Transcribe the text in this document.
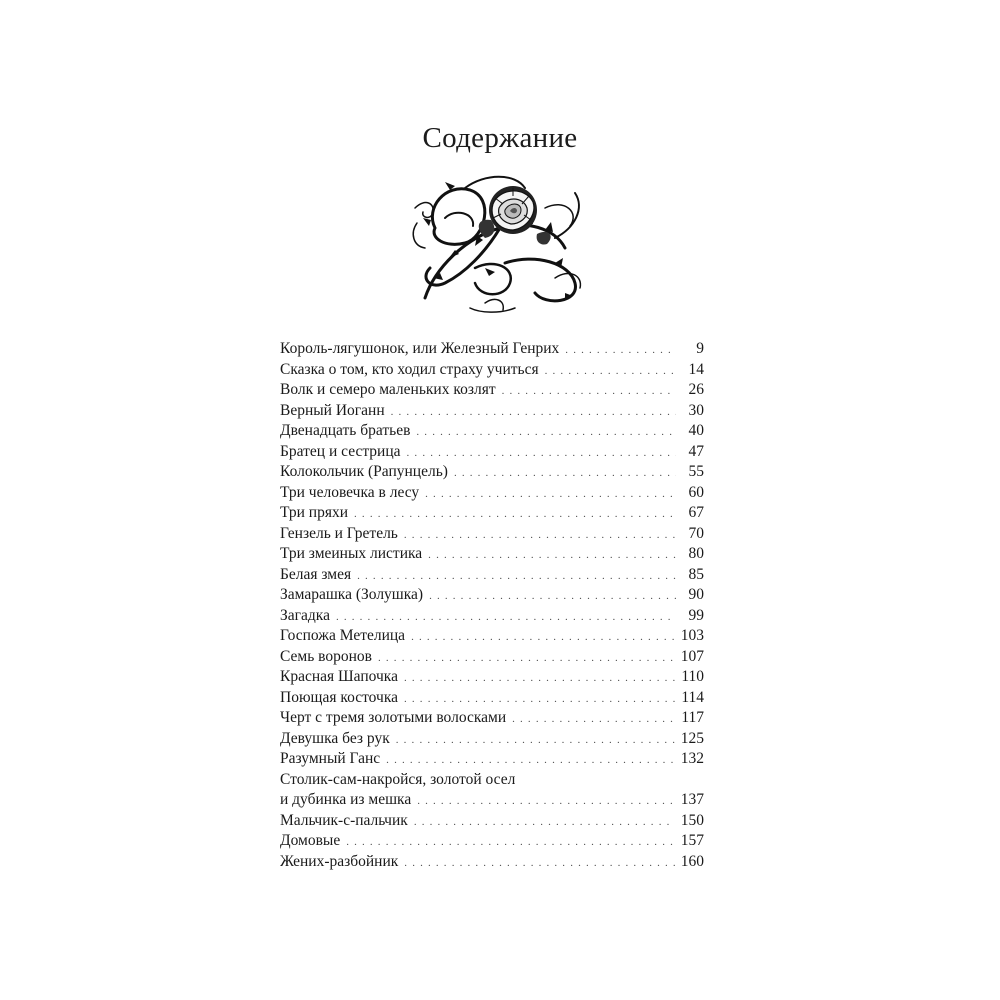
Содержание
Король-лягушонок, или Железный Генрих . . .	9
Сказка о том, кто ходил страху учиться . . .	14
Волк и семеро маленьких козлят . . .	26
Верный Иоганн . . .	30
Двенадцать братьев . . .	40
Братец и сестрица . . .	47
Колокольчик (Рапунцель) . . .	55
Три человечка в лесу . . .	60
Три пряхи . . .	67
Гензель и Гретель . . .	70
Три змеиных листика . . .	80
Белая змея . . .	85
Замарашка (Золушка) . . .	90
Загадка . . .	99
Госпожа Метелица . . .	103
Семь воронов . . .	107
Красная Шапочка . . .	110
Поющая косточка . . .	114
Черт с тремя золотыми волосками . . .	117
Девушка без рук . . .	125
Разумный Ганс . . .	132
Столик-сам-накройся, золотой осел
и дубинка из мешка . . .	137
Мальчик-с-пальчик . . .	150
Домовые . . .	157
Жених-разбойник . . .	160
